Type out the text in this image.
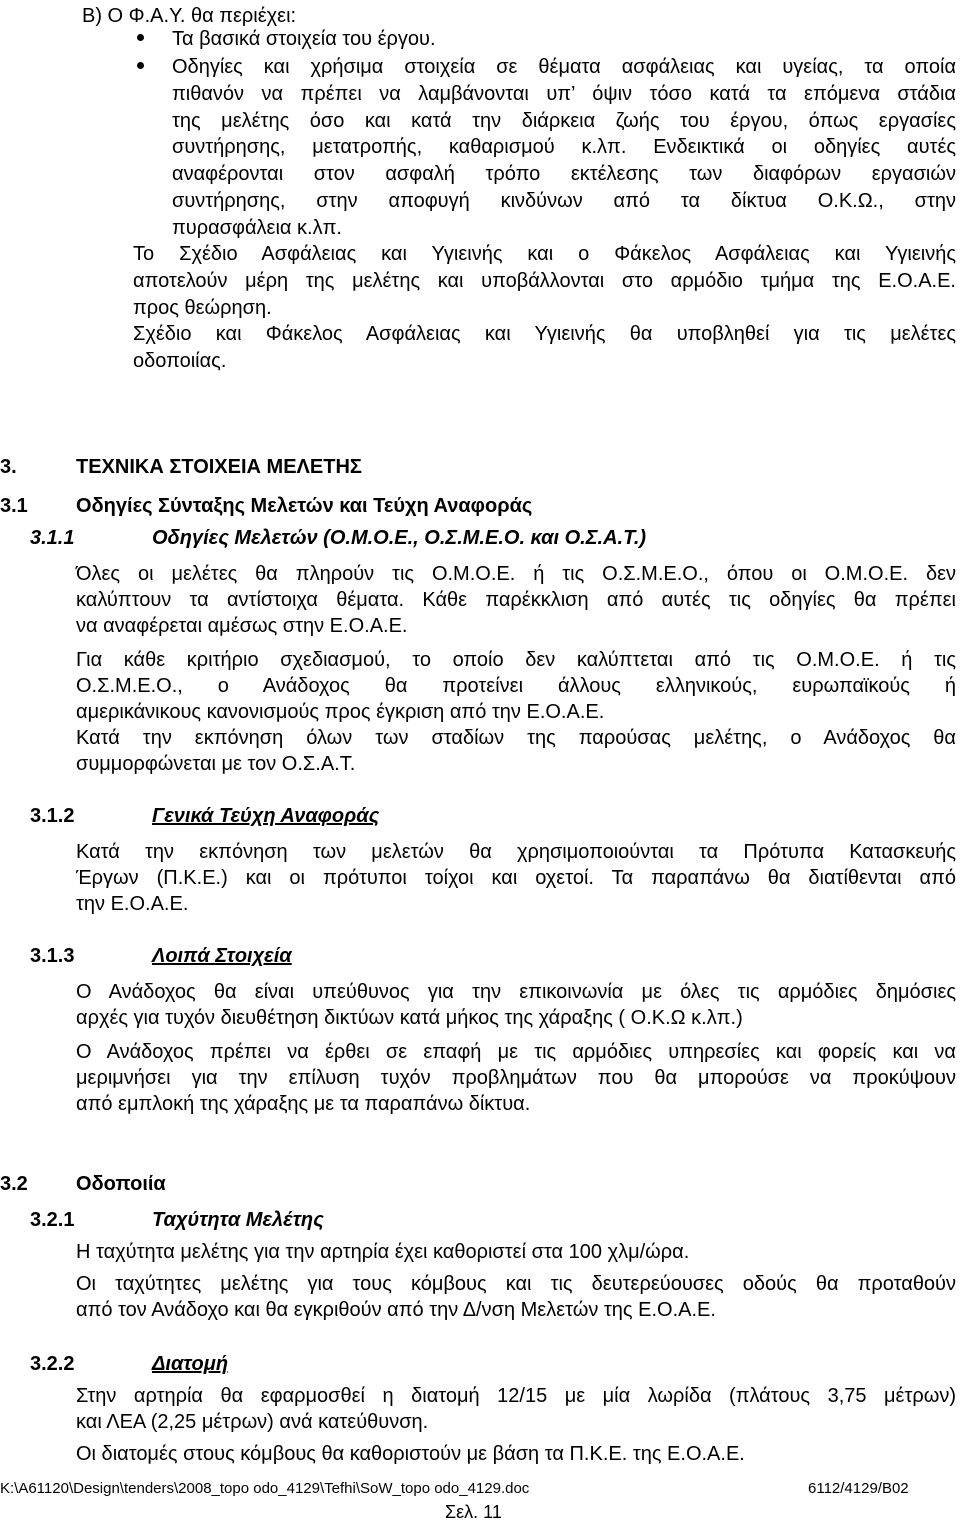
Β) Ο Φ.Α.Υ. θα περιέχει:
Τα βασικά στοιχεία του έργου.
Οδηγίες και χρήσιμα στοιχεία σε θέματα ασφάλειας και υγείας, τα οποία
πιθανόν να πρέπει να λαμβάνονται υπ’ όψιν τόσο κατά τα επόμενα στάδια
της μελέτης όσο και κατά την διάρκεια ζωής του έργου, όπως εργασίες
συντήρησης, μετατροπής, καθαρισμού κ.λπ. Ενδεικτικά οι οδηγίες αυτές
αναφέρονται στον ασφαλή τρόπο εκτέλεσης των διαφόρων εργασιών
συντήρησης, στην αποφυγή κινδύνων από τα δίκτυα Ο.Κ.Ω., στην
πυρασφάλεια κ.λπ.
Το Σχέδιο Ασφάλειας και Υγιεινής και ο Φάκελος Ασφάλειας και Υγιεινής
αποτελούν μέρη της μελέτης και υποβάλλονται στο αρμόδιο τμήμα της Ε.Ο.Α.Ε.
προς θεώρηση.
Σχέδιο και Φάκελος Ασφάλειας και Υγιεινής θα υποβληθεί για τις μελέτες
οδοποιίας.
3.	ΤΕΧΝΙΚΑ ΣΤΟΙΧΕΙΑ ΜΕΛΕΤΗΣ
3.1 Οδηγίες Σύνταξης Μελετών και Τεύχη Αναφοράς
3.1.1	Οδηγίες Μελετών (Ο.Μ.Ο.Ε., Ο.Σ.Μ.Ε.Ο. και Ο.Σ.Α.Τ.)
Όλες οι μελέτες θα πληρούν τις Ο.Μ.Ο.Ε. ή τις Ο.Σ.Μ.Ε.Ο., όπου οι Ο.Μ.Ο.Ε. δεν
καλύπτουν τα αντίστοιχα θέματα. Κάθε παρέκκλιση από αυτές τις οδηγίες θα πρέπει
να αναφέρεται αμέσως στην Ε.Ο.Α.Ε.
Για κάθε κριτήριο σχεδιασμού, το οποίο δεν καλύπτεται από τις Ο.Μ.Ο.Ε. ή τις
Ο.Σ.Μ.Ε.Ο., ο Ανάδοχος θα προτείνει άλλους ελληνικούς, ευρωπαϊκούς ή
αμερικάνικους κανονισμούς προς έγκριση από την Ε.Ο.Α.Ε.
Κατά την εκπόνηση όλων των σταδίων της παρούσας μελέτης, ο Ανάδοχος θα
συμμορφώνεται με τον Ο.Σ.Α.Τ.
3.1.2	Γενικά Τεύχη Αναφοράς
Κατά την εκπόνηση των μελετών θα χρησιμοποιούνται τα Πρότυπα Κατασκευής
Έργων (Π.Κ.Ε.) και οι πρότυποι τοίχοι και οχετοί. Τα παραπάνω θα διατίθενται από
την Ε.Ο.Α.Ε.
3.1.3	Λοιπά Στοιχεία
Ο Ανάδοχος θα είναι υπεύθυνος για την επικοινωνία με όλες τις αρμόδιες δημόσιες
αρχές για τυχόν διευθέτηση δικτύων κατά μήκος της χάραξης ( Ο.Κ.Ω κ.λπ.)
Ο Ανάδοχος πρέπει να έρθει σε επαφή με τις αρμόδιες υπηρεσίες και φορείς και να
μεριμνήσει για την επίλυση τυχόν προβλημάτων που θα μπορούσε να προκύψουν
από εμπλοκή της χάραξης με τα παραπάνω δίκτυα.
3.2 Οδοποιία
3.2.1	Ταχύτητα Μελέτης
Η ταχύτητα μελέτης για την αρτηρία έχει καθοριστεί στα 100 χλμ/ώρα.
Οι ταχύτητες μελέτης για τους κόμβους και τις δευτερεύουσες οδούς θα προταθούν
από τον Ανάδοχο και θα εγκριθούν από την Δ/νση Μελετών της Ε.Ο.Α.Ε.
3.2.2	Διατομή
Στην αρτηρία θα εφαρμοσθεί η διατομή 12/15 με μία λωρίδα (πλάτους 3,75 μέτρων)
και ΛΕΑ (2,25 μέτρων) ανά κατεύθυνση.
Οι διατομές στους κόμβους θα καθοριστούν με βάση τα Π.Κ.Ε. της Ε.Ο.Α.Ε.
K:\A61120\Design\tenders\2008_topo odo_4129\Tefhi\SoW_topo odo_4129.doc	6112/4129/B02
Σελ. 11
